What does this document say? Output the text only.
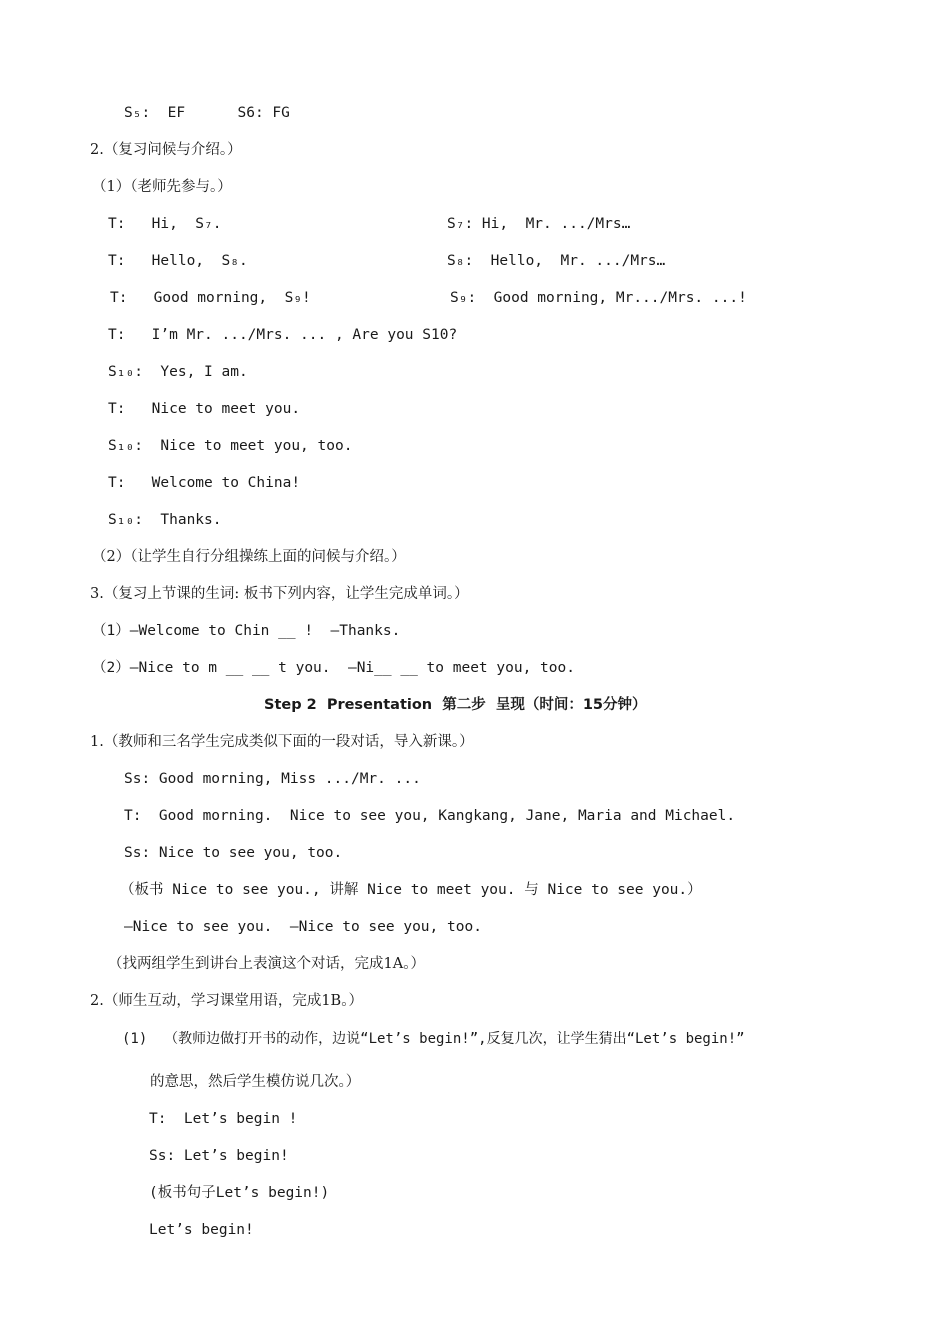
S₅:  EF      S6: FG
2.（复习问候与介绍。）
（1）（老师先参与。）
T:   Hi,  S₇.	S₇: Hi,  Mr. .../Mrs…
T:   Hello,  S₈.	S₈:  Hello,  Mr. .../Mrs…
T:   Good morning,  S₉!	S₉:  Good morning, Mr.../Mrs. ...!
T:   I’m Mr. .../Mrs. ... , Are you S10?
S₁₀:  Yes, I am.
T:   Nice to meet you.
S₁₀:  Nice to meet you, too.
T:   Welcome to China!
S₁₀:  Thanks.
（2）（让学生自行分组操练上面的问候与介绍。）
3.（复习上节课的生词: 板书下列内容，让学生完成单词。）
（1）—Welcome to Chin __ !  —Thanks.
（2）—Nice to m __ __ t you.  —Ni__ __ to meet you, too.
Step 2  Presentation  第二步  呈现（时间：15分钟）
1.（教师和三名学生完成类似下面的一段对话，导入新课。）
Ss: Good morning, Miss .../Mr. ...
T:  Good morning.  Nice to see you, Kangkang, Jane, Maria and Michael.
Ss: Nice to see you, too.
（板书 Nice to see you., 讲解 Nice to meet you. 与 Nice to see you.）
—Nice to see you.  —Nice to see you, too.
（找两组学生到讲台上表演这个对话，完成1A。）
2.（师生互动，学习课堂用语，完成1B。）
(1)  （教师边做打开书的动作，边说“Let’s begin!”,反复几次，让学生猜出“Let’s begin!”
的意思，然后学生模仿说几次。）
T:  Let’s begin !
Ss: Let’s begin!
(板书句子Let’s begin!)
Let’s begin!
